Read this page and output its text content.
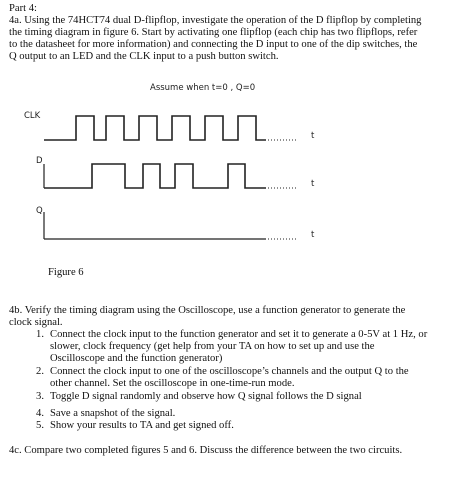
Part 4:
4a. Using the 74HCT74 dual D-flipflop, investigate the operation of the D flipflop by completing
the timing diagram in figure 6. Start by activating one flipflop (each chip has two flipflops, refer
to the datasheet for more information) and connecting the D input to one of the dip switches, the
Q output to an LED and the CLK input to a push button switch.
Assume when t=0 , Q=0
CLK
t
D
t
Q
t
Figure 6
4b. Verify the timing diagram using the Oscilloscope, use a function generator to generate the
clock signal.
1. Connect the clock input to the function generator and set it to generate a 0-5V at 1 Hz, or
slower, clock frequency (get help from your TA on how to set up and use the
Oscilloscope and the function generator)
2. Connect the clock input to one of the oscilloscope’s channels and the output Q to the
other channel. Set the oscilloscope in one-time-run mode.
3. Toggle D signal randomly and observe how Q signal follows the D signal
4. Save a snapshot of the signal.
5. Show your results to TA and get signed off.
4c. Compare two completed figures 5 and 6. Discuss the difference between the two circuits.
